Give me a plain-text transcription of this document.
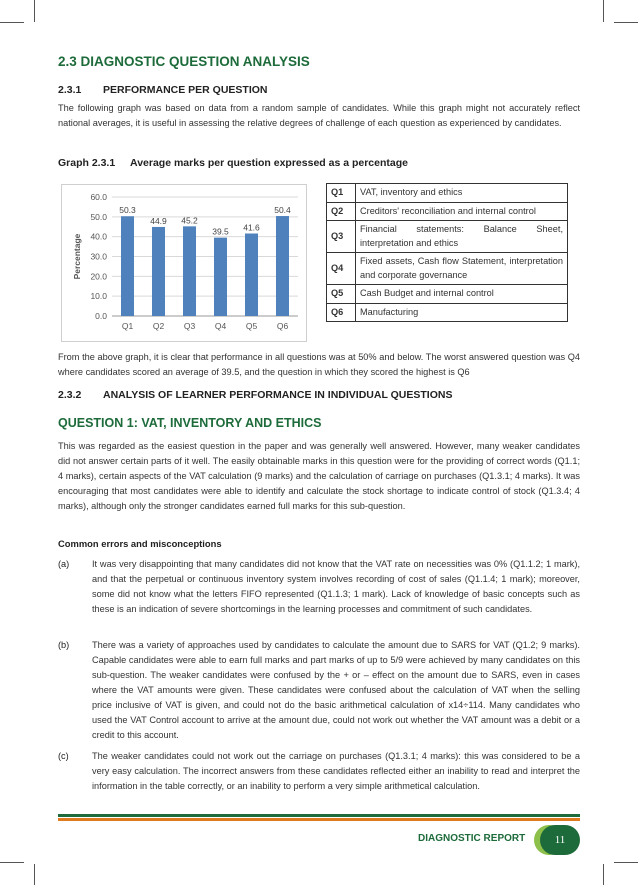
2.3 DIAGNOSTIC QUESTION ANALYSIS
2.3.1 PERFORMANCE PER QUESTION
The following graph was based on data from a random sample of candidates. While this graph might not accurately reflect national averages, it is useful in assessing the relative degrees of challenge of each question as experienced by candidates.
Graph 2.3.1 Average marks per question expressed as a percentage
0.0
10.0
20.0
30.0
40.0
50.0
60.0
Percentage
50.3
Q1
44.9
Q2
45.2
Q3
39.5
Q4
41.6
Q5
50.4
Q6
Q1	VAT, inventory and ethics
Q2	Creditors' reconciliation and internal control
Q3	Financial statements: Balance Sheet, interpretation and ethics
Q4	Fixed assets, Cash flow Statement, interpretation and corporate governance
Q5	Cash Budget and internal control
Q6	Manufacturing
From the above graph, it is clear that performance in all questions was at 50% and below. The worst answered question was Q4 where candidates scored an average of 39.5, and the question in which they scored the highest is Q6
2.3.2 ANALYSIS OF LEARNER PERFORMANCE IN INDIVIDUAL QUESTIONS
QUESTION 1: VAT, INVENTORY AND ETHICS
This was regarded as the easiest question in the paper and was generally well answered. However, many weaker candidates did not answer certain parts of it well. The easily obtainable marks in this question were for the providing of correct words (Q1.1; 4 marks), certain aspects of the VAT calculation (9 marks) and the calculation of carriage on purchases (Q1.3.1; 4 marks). It was encouraging that most candidates were able to identify and calculate the stock shortage to indicate control of stock (Q1.3.4; 4 marks), although only the stronger candidates earned full marks for this sub-question.
Common errors and misconceptions
(a) It was very disappointing that many candidates did not know that the VAT rate on necessities was 0% (Q1.1.2; 1 mark), and that the perpetual or continuous inventory system involves recording of cost of sales (Q1.1.4; 1 mark); moreover, some did not know what the letters FIFO represented (Q1.1.3; 1 mark). Lack of knowledge of basic concepts such as these is an indication of severe shortcomings in the learning processes and commitment of such candidates.
(b) There was a variety of approaches used by candidates to calculate the amount due to SARS for VAT (Q1.2; 9 marks). Capable candidates were able to earn full marks and part marks of up to 5/9 were achieved by many candidates on this sub-question. The weaker candidates were confused by the + or – effect on the amount due to SARS, even in cases where the VAT amounts were given. These candidates were confused about the calculation of VAT when the selling price inclusive of VAT is given, and could not do the basic arithmetical calculation of x14÷114. Many candidates who used the VAT Control account to arrive at the amount due, could not work out whether the VAT amount was a debit or a credit to this account.
(c)	The weaker candidates could not work out the carriage on purchases (Q1.3.1; 4 marks): this was considered to be a very easy calculation. The incorrect answers from these candidates reflected either an inability to read and interpret the information in the table correctly, or an inability to perform a very simple arithmetical calculation.
DIAGNOSTIC REPORT	11
